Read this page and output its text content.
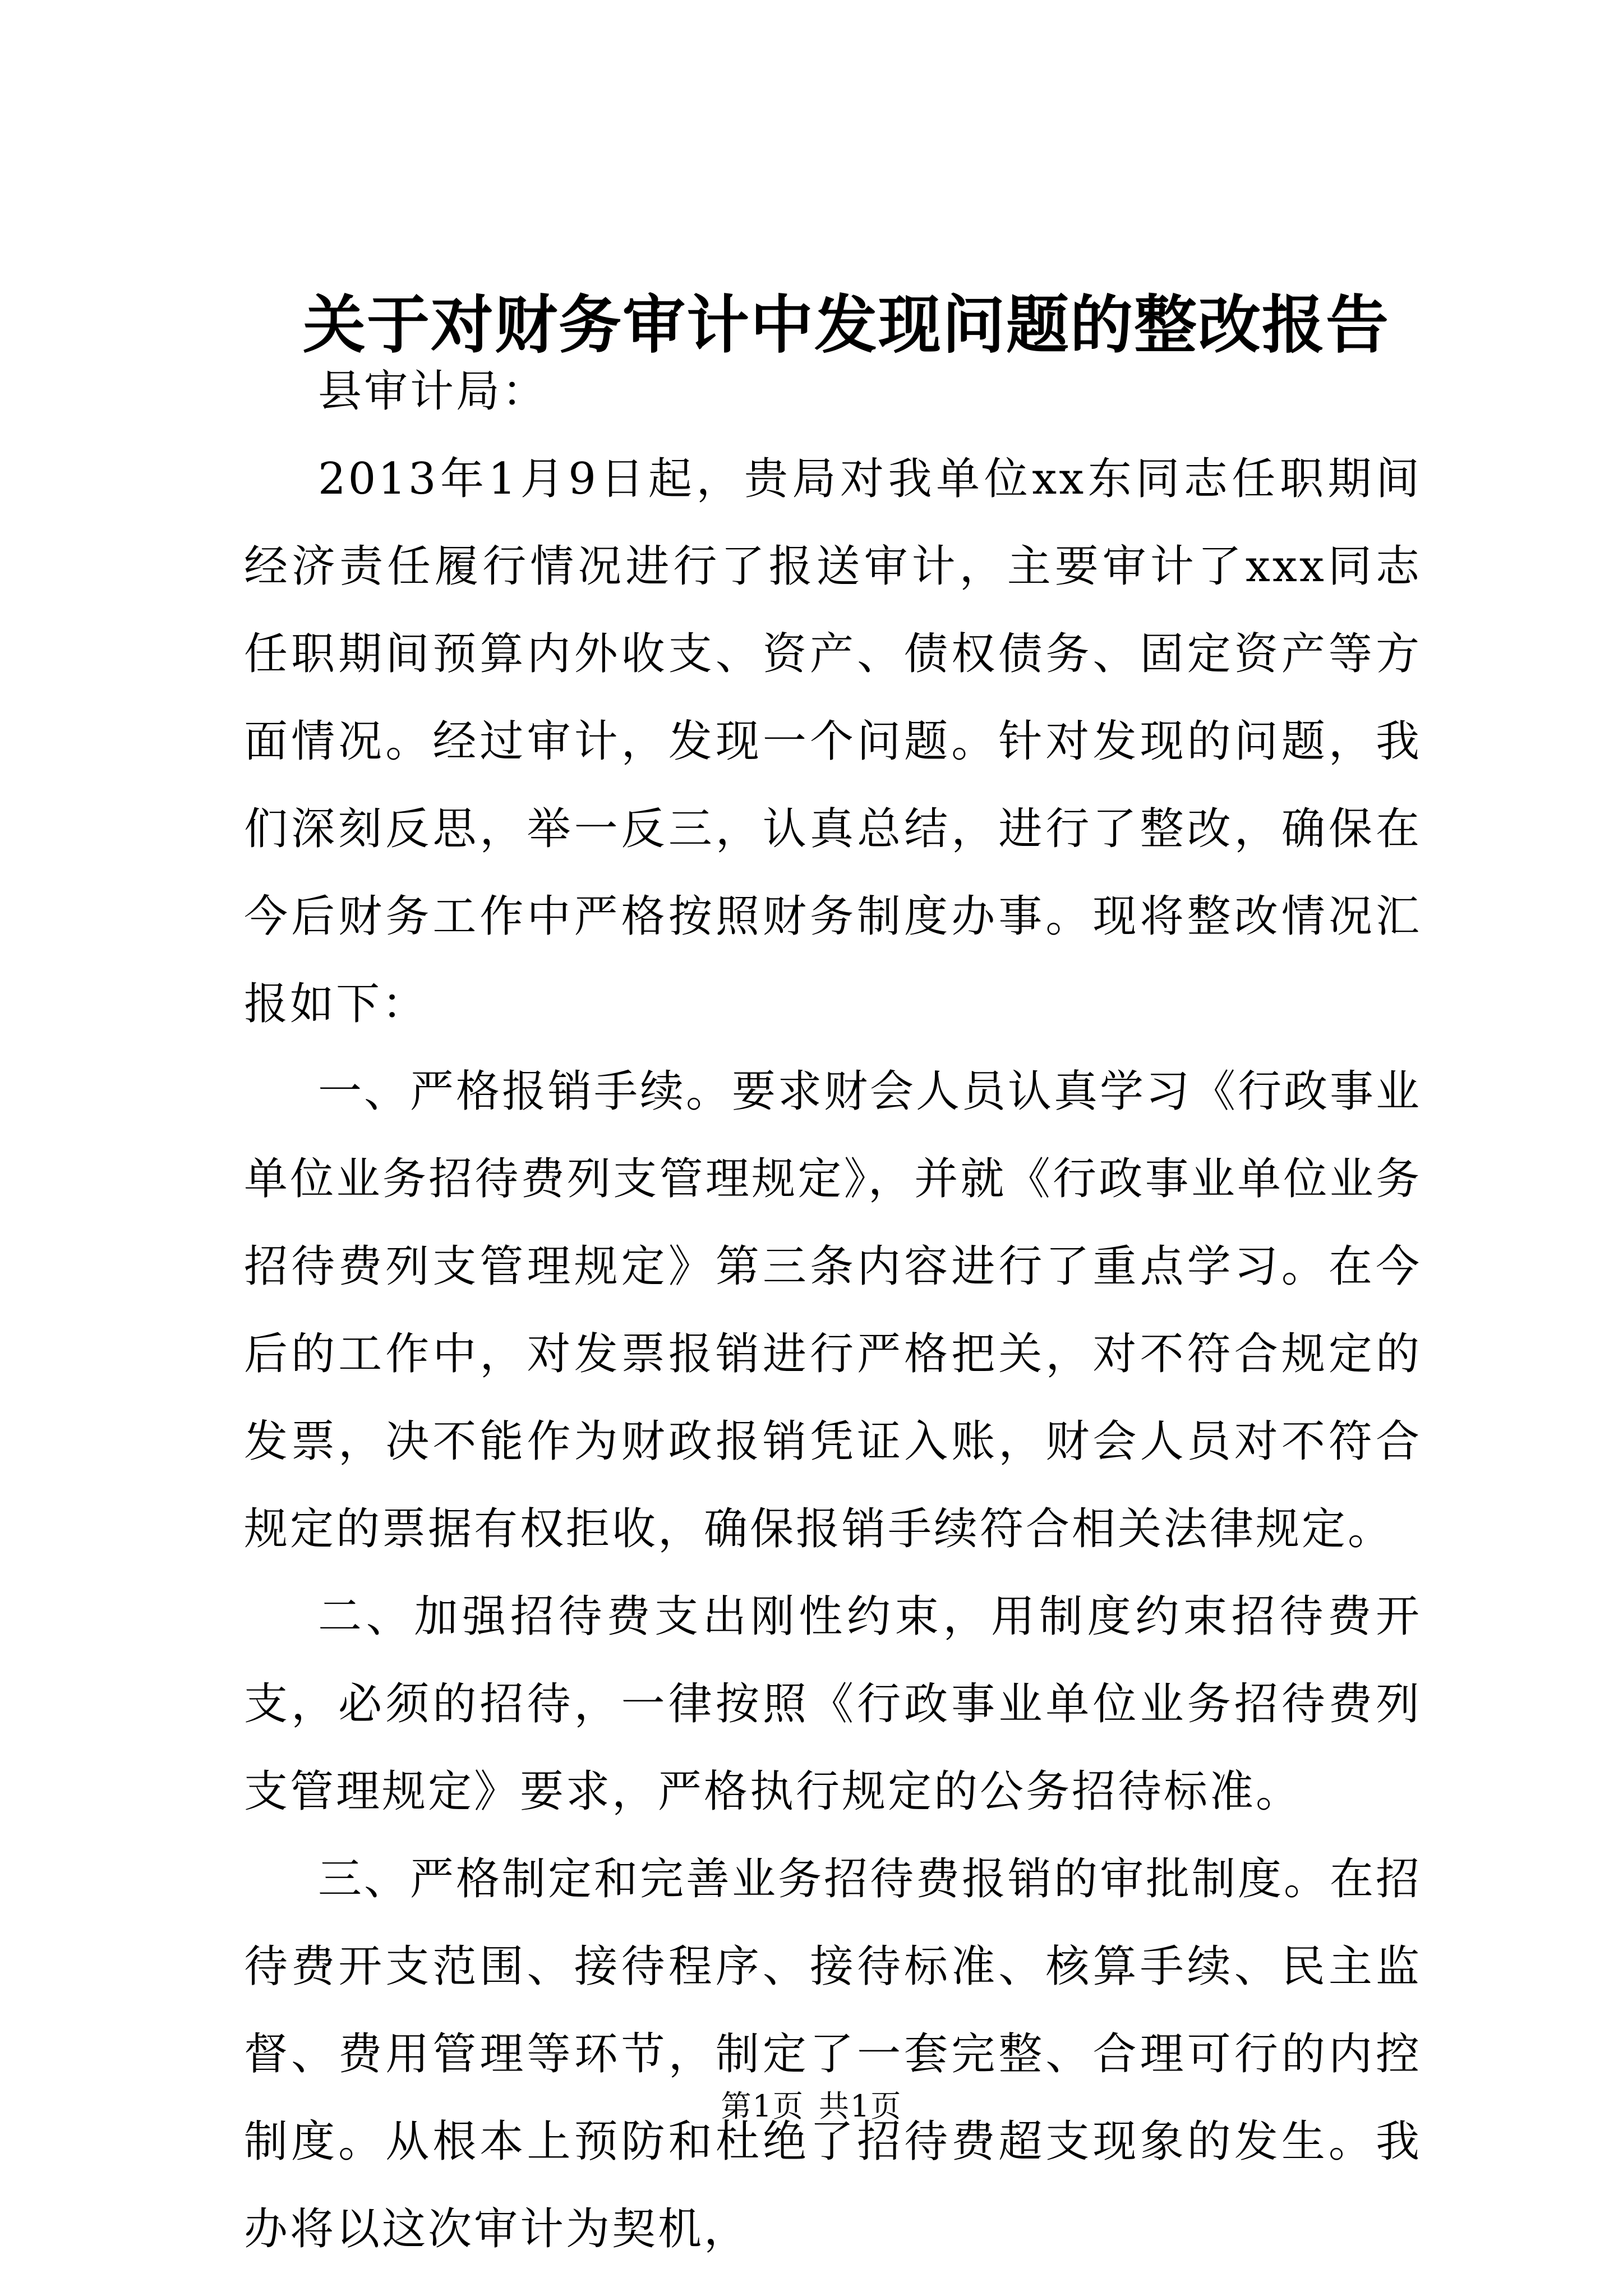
关于对财务审计中发现问题的整改报告

县审计局：

2013年1月9日起，贵局对我单位xx东同志任职期间经济责任履行情况进行了报送审计，主要审计了xxx同志任职期间预算内外收支、资产、债权债务、固定资产等方面情况。经过审计，发现一个问题。针对发现的问题，我们深刻反思，举一反三，认真总结，进行了整改，确保在今后财务工作中严格按照财务制度办事。现将整改情况汇报如下：

一、严格报销手续。要求财会人员认真学习《行政事业单位业务招待费列支管理规定》，并就《行政事业单位业务招待费列支管理规定》第三条内容进行了重点学习。在今后的工作中，对发票报销进行严格把关，对不符合规定的发票，决不能作为财政报销凭证入账，财会人员对不符合规定的票据有权拒收，确保报销手续符合相关法律规定。

二、加强招待费支出刚性约束，用制度约束招待费开支，必须的招待，一律按照《行政事业单位业务招待费列支管理规定》要求，严格执行规定的公务招待标准。

三、严格制定和完善业务招待费报销的审批制度。在招待费开支范围、接待程序、接待标准、核算手续、民主监督、费用管理等环节，制定了一套完整、合理可行的内控制度。从根本上预防和杜绝了招待费超支现象的发生。我办将以这次审计为契机，

第1页 共1页
